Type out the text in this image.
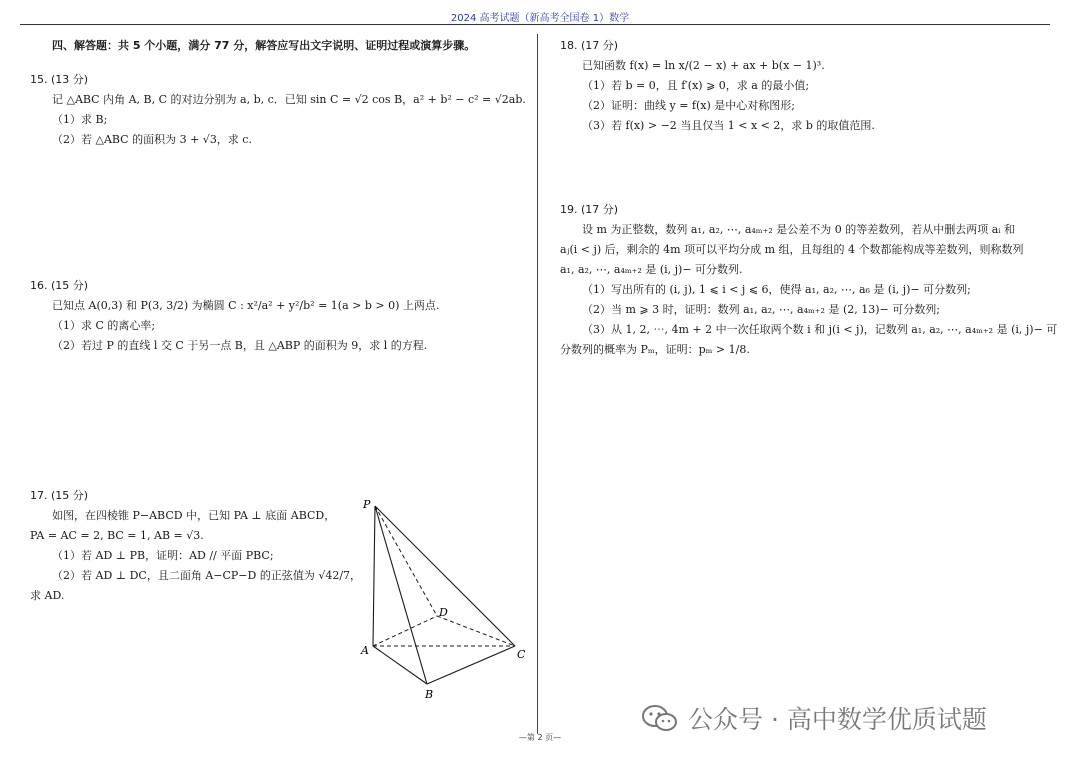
2024 高考试题（新高考全国卷 1）数学
四、解答题：共 5 个小题，满分 77 分，解答应写出文字说明、证明过程或演算步骤。
15. (13 分)
记 △ABC 内角 A, B, C 的对边分别为 a, b, c．已知 sin C = √2 cos B，a² + b² − c² = √2ab.
（1）求 B;
（2）若 △ABC 的面积为 3 + √3，求 c.
16. (15 分)
已知点 A(0,3) 和 P(3, 3/2) 为椭圆 C : x²/a² + y²/b² = 1(a > b > 0) 上两点.
（1）求 C 的离心率;
（2）若过 P 的直线 l 交 C 于另一点 B，且 △ABP 的面积为 9，求 l 的方程.
17. (15 分)
如图，在四棱锥 P−ABCD 中，已知 PA ⊥ 底面 ABCD，
PA = AC = 2, BC = 1, AB = √3.
（1）若 AD ⊥ PB，证明：AD // 平面 PBC;
（2）若 AD ⊥ DC，且二面角 A−CP−D 的正弦值为 √42/7，
求 AD.
P
A
B
C
D
18. (17 分)
已知函数 f(x) = ln x/(2 − x) + ax + b(x − 1)³.
（1）若 b = 0，且 f′(x) ⩾ 0，求 a 的最小值;
（2）证明：曲线 y = f(x) 是中心对称图形;
（3）若 f(x) > −2 当且仅当 1 < x < 2，求 b 的取值范围.
19. (17 分)
设 m 为正整数，数列 a₁, a₂, ⋯, a₄ₘ₊₂ 是公差不为 0 的等差数列，若从中删去两项 aᵢ 和
aⱼ(i < j) 后，剩余的 4m 项可以平均分成 m 组，且每组的 4 个数都能构成等差数列，则称数列
a₁, a₂, ⋯, a₄ₘ₊₂ 是 (i, j)− 可分数列.
（1）写出所有的 (i, j), 1 ⩽ i < j ⩽ 6，使得 a₁, a₂, ⋯, a₆ 是 (i, j)− 可分数列;
（2）当 m ⩾ 3 时，证明：数列 a₁, a₂, ⋯, a₄ₘ₊₂ 是 (2, 13)− 可分数列;
（3）从 1, 2, ⋯, 4m + 2 中一次任取两个数 i 和 j(i < j)，记数列 a₁, a₂, ⋯, a₄ₘ₊₂ 是 (i, j)− 可
分数列的概率为 Pₘ，证明：pₘ > 1/8.
公众号 · 高中数学优质试题
—第 2 页—
